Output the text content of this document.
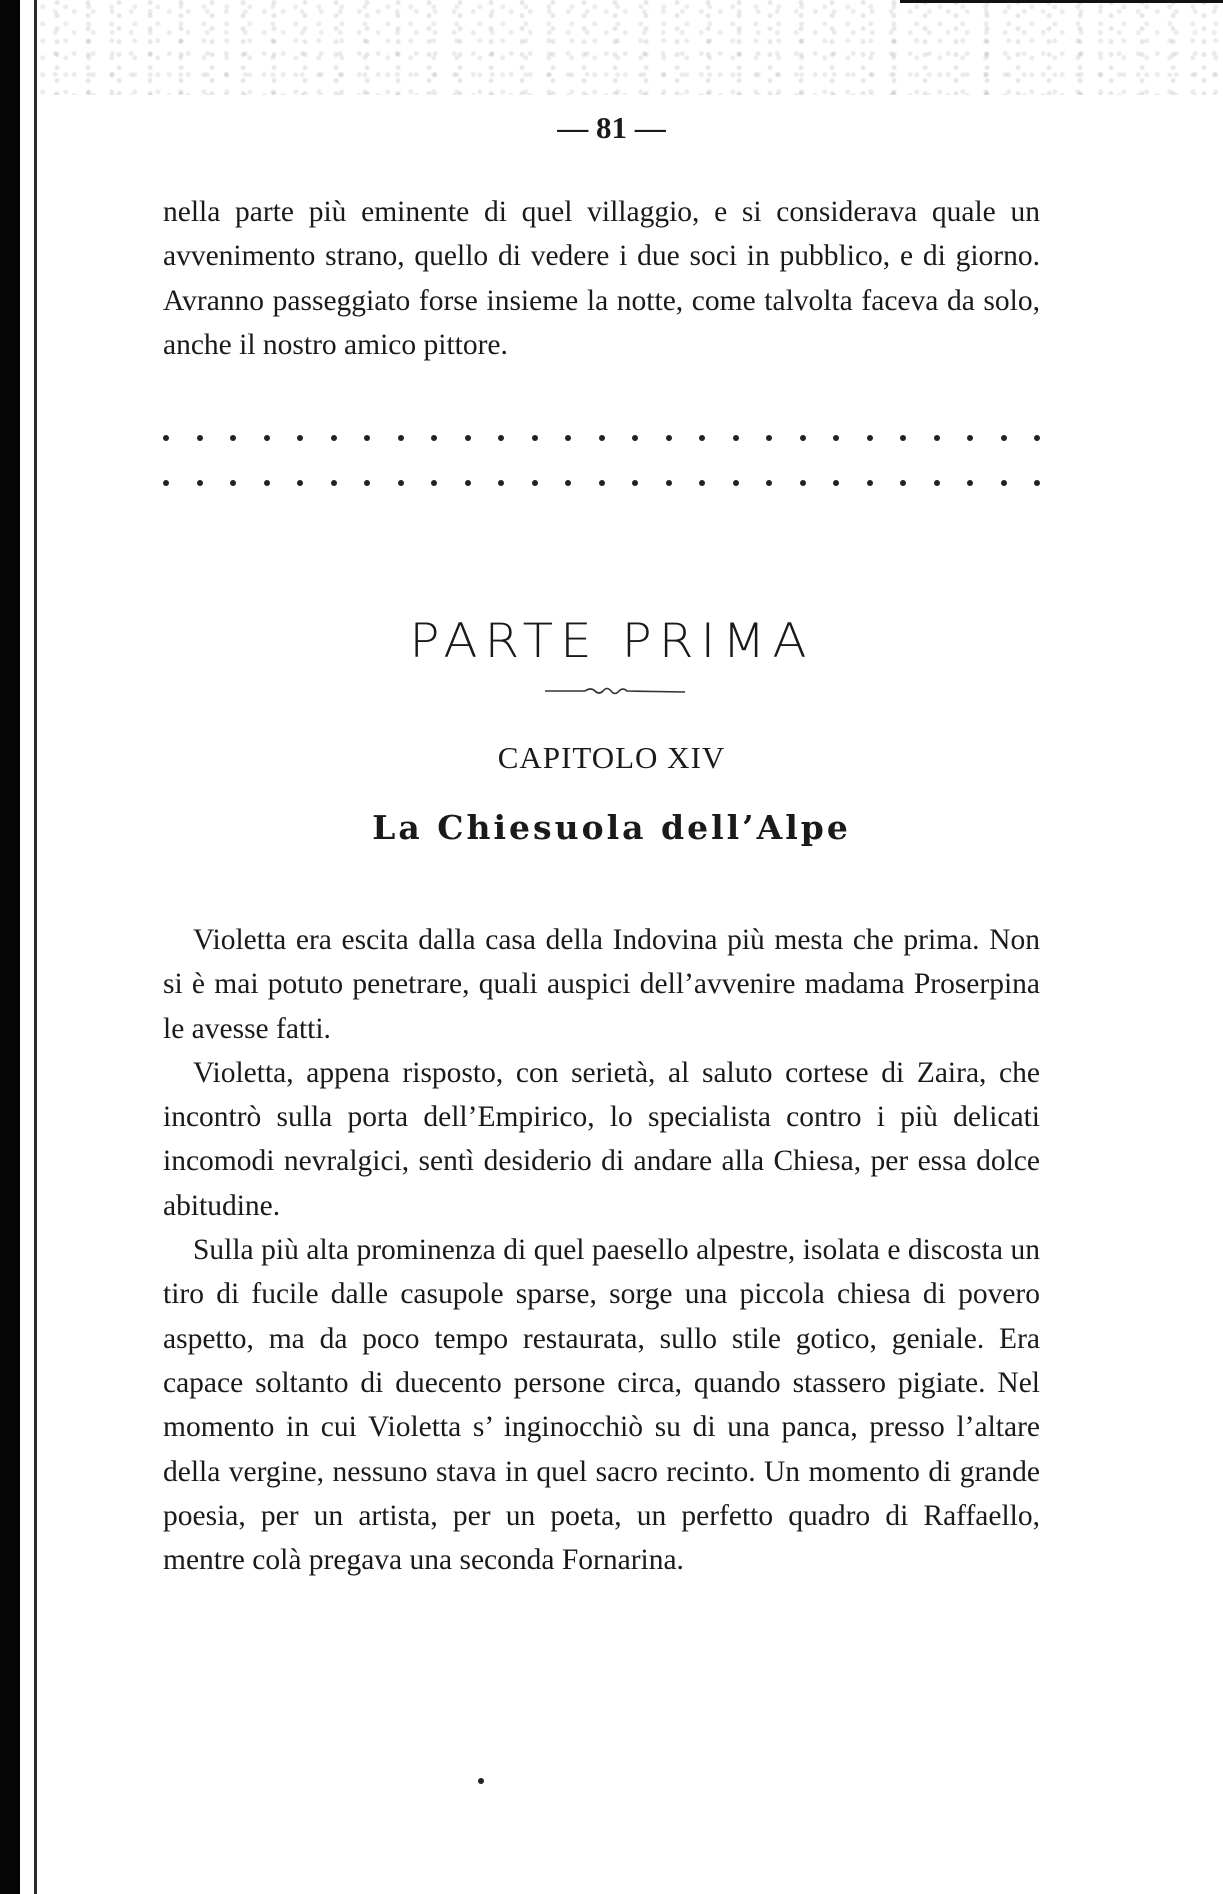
— 81 —

nella parte più eminente di quel villaggio, e si considerava quale un avvenimento strano, quello di vedere i due soci in pubblico, e di giorno. Avranno passeggiato forse insieme la notte, come talvolta faceva da solo, anche il nostro amico pittore.

PARTE PRIMA
CAPITOLO XIV
La Chiesuola dell’Alpe

Violetta era escita dalla casa della Indovina più mesta che prima. Non si è mai potuto penetrare, quali auspici dell’avvenire madama Proserpina le avesse fatti.

Violetta, appena risposto, con serietà, al saluto cortese di Zaira, che incontrò sulla porta dell’Empirico, lo specialista contro i più delicati incomodi nevralgici, sentì desiderio di andare alla Chiesa, per essa dolce abitudine.

Sulla più alta prominenza di quel paesello alpestre, isolata e discosta un tiro di fucile dalle casupole sparse, sorge una piccola chiesa di povero aspetto, ma da poco tempo restaurata, sullo stile gotico, geniale. Era capace soltanto di duecento persone circa, quando stassero pigiate. Nel momento in cui Violetta s’ inginocchiò su di una panca, presso l’altare della vergine, nessuno stava in quel sacro recinto. Un momento di grande poesia, per un artista, per un poeta, un perfetto quadro di Raffaello, mentre colà pregava una seconda Fornarina.
